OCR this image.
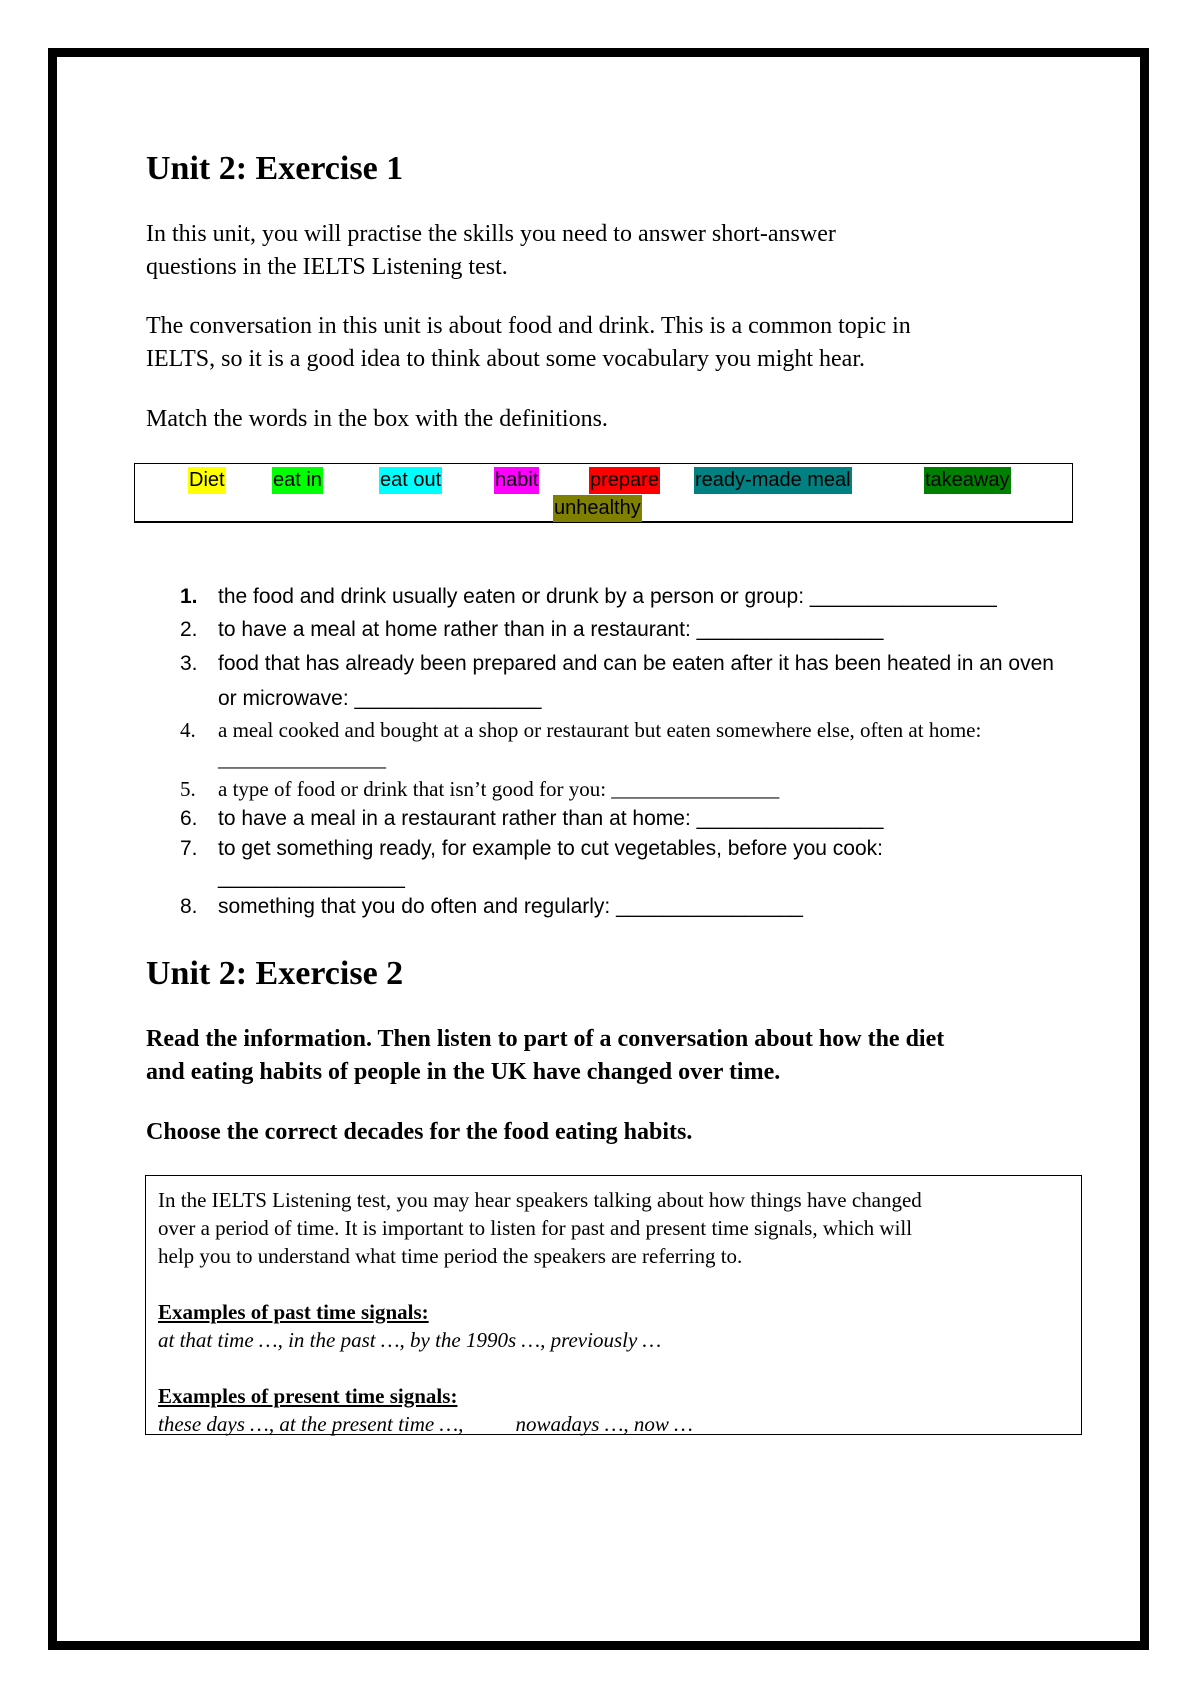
Unit 2: Exercise 1

In this unit, you will practise the skills you need to answer short-answer
questions in the IELTS Listening test.

The conversation in this unit is about food and drink. This is a common topic in
IELTS, so it is a good idea to think about some vocabulary you might hear.

Match the words in the box with the definitions.

Diet eat in	eat out	habit	prepare ready-made meal	takeaway
unhealthy
1. the food and drink usually eaten or drunk by a person or group: ________________
2. to have a meal at home rather than in a restaurant: ________________
3. food that has already been prepared and can be eaten after it has been heated in an oven or microwave: ________________
4. a meal cooked and bought at a shop or restaurant but eaten somewhere else, often at home: ________________
5. a type of food or drink that isn’t good for you: ________________
6. to have a meal in a restaurant rather than at home: ________________
7. to get something ready, for example to cut vegetables, before you cook: ________________
8. something that you do often and regularly: ________________
Unit 2: Exercise 2

Read the information. Then listen to part of a conversation about how the diet
and eating habits of people in the UK have changed over time.

Choose the correct decades for the food eating habits.

In the IELTS Listening test, you may hear speakers talking about how things have changed
over a period of time. It is important to listen for past and present time signals, which will
help you to understand what time period the speakers are referring to.
Examples of past time signals:
at that time …, in the past …, by the 1990s …, previously …
Examples of present time signals:
these days …, at the present time …, nowadays …, now …
